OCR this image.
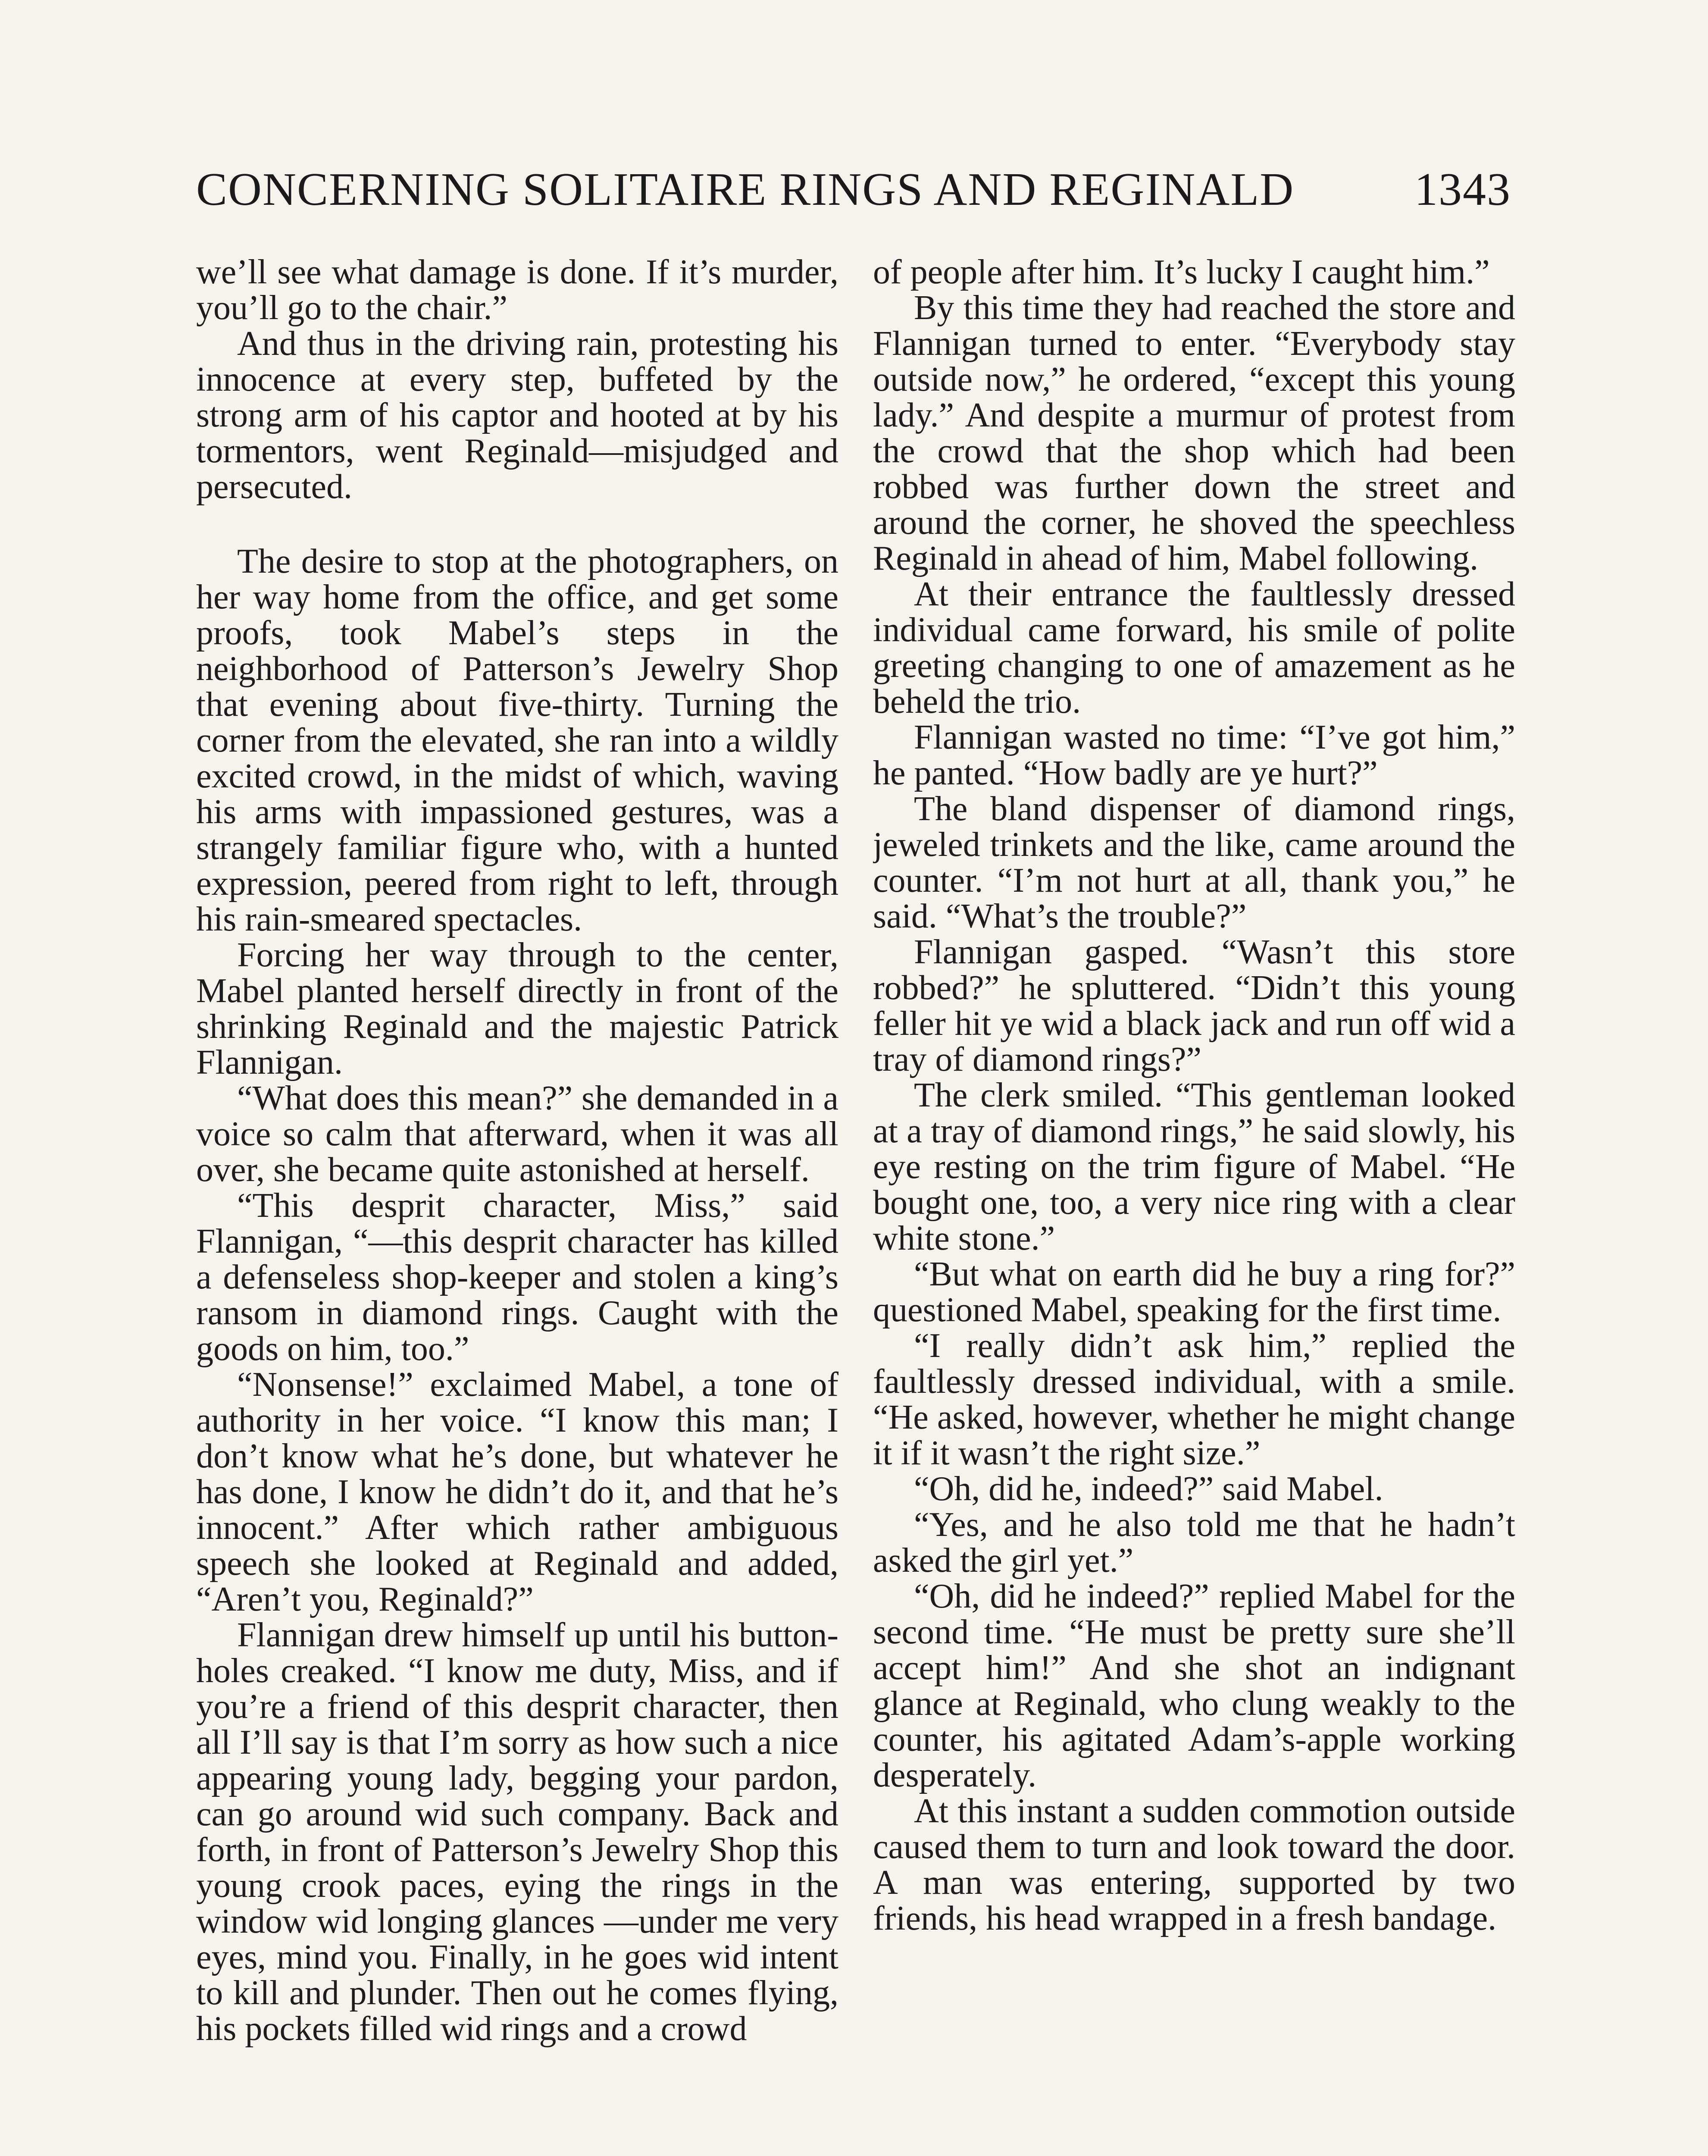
CONCERNING SOLITAIRE RINGS AND REGINALD	1343

we’ll see what damage is done. If it’s murder, you’ll go to the chair.”

And thus in the driving rain, protesting his innocence at every step, buffeted by the strong arm of his captor and hooted at by his tormentors, went Reginald—misjudged and persecuted.

The desire to stop at the photographers, on her way home from the office, and get some proofs, took Mabel’s steps in the neighborhood of Patterson’s Jewelry Shop that evening about five-thirty. Turning the corner from the elevated, she ran into a wildly excited crowd, in the midst of which, waving his arms with impassioned gestures, was a strangely familiar figure who, with a hunted expression, peered from right to left, through his rain-smeared spectacles.

Forcing her way through to the center, Mabel planted herself directly in front of the shrinking Reginald and the majestic Patrick Flannigan.

“What does this mean?” she demanded in a voice so calm that afterward, when it was all over, she became quite astonished at herself.

“This desprit character, Miss,” said Flannigan, “—this desprit character has killed a defenseless shop-keeper and stolen a king’s ransom in diamond rings. Caught with the goods on him, too.”

“Nonsense!” exclaimed Mabel, a tone of authority in her voice. “I know this man; I don’t know what he’s done, but whatever he has done, I know he didn’t do it, and that he’s innocent.” After which rather ambiguous speech she looked at Reginald and added, “Aren’t you, Reginald?”

Flannigan drew himself up until his button-holes creaked. “I know me duty, Miss, and if you’re a friend of this desprit character, then all I’ll say is that I’m sorry as how such a nice appearing young lady, begging your pardon, can go around wid such company. Back and forth, in front of Patterson’s Jewelry Shop this young crook paces, eying the rings in the window wid longing glances —under me very eyes, mind you. Finally, in he goes wid intent to kill and plunder. Then out he comes flying, his pockets filled wid rings and a crowd

of people after him. It’s lucky I caught him.”

By this time they had reached the store and Flannigan turned to enter. “Everybody stay outside now,” he ordered, “except this young lady.” And despite a murmur of protest from the crowd that the shop which had been robbed was further down the street and around the corner, he shoved the speechless Reginald in ahead of him, Mabel following.

At their entrance the faultlessly dressed individual came forward, his smile of polite greeting changing to one of amazement as he beheld the trio.

Flannigan wasted no time: “I’ve got him,” he panted. “How badly are ye hurt?”

The bland dispenser of diamond rings, jeweled trinkets and the like, came around the counter. “I’m not hurt at all, thank you,” he said. “What’s the trouble?”

Flannigan gasped. “Wasn’t this store robbed?” he spluttered. “Didn’t this young feller hit ye wid a black jack and run off wid a tray of diamond rings?”

The clerk smiled. “This gentleman looked at a tray of diamond rings,” he said slowly, his eye resting on the trim figure of Mabel. “He bought one, too, a very nice ring with a clear white stone.”

“But what on earth did he buy a ring for?” questioned Mabel, speaking for the first time.

“I really didn’t ask him,” replied the faultlessly dressed individual, with a smile. “He asked, however, whether he might change it if it wasn’t the right size.”

“Oh, did he, indeed?” said Mabel.

“Yes, and he also told me that he hadn’t asked the girl yet.”

“Oh, did he indeed?” replied Mabel for the second time. “He must be pretty sure she’ll accept him!” And she shot an indignant glance at Reginald, who clung weakly to the counter, his agitated Adam’s-apple working desperately.

At this instant a sudden commotion outside caused them to turn and look toward the door. A man was entering, supported by two friends, his head wrapped in a fresh bandage.
